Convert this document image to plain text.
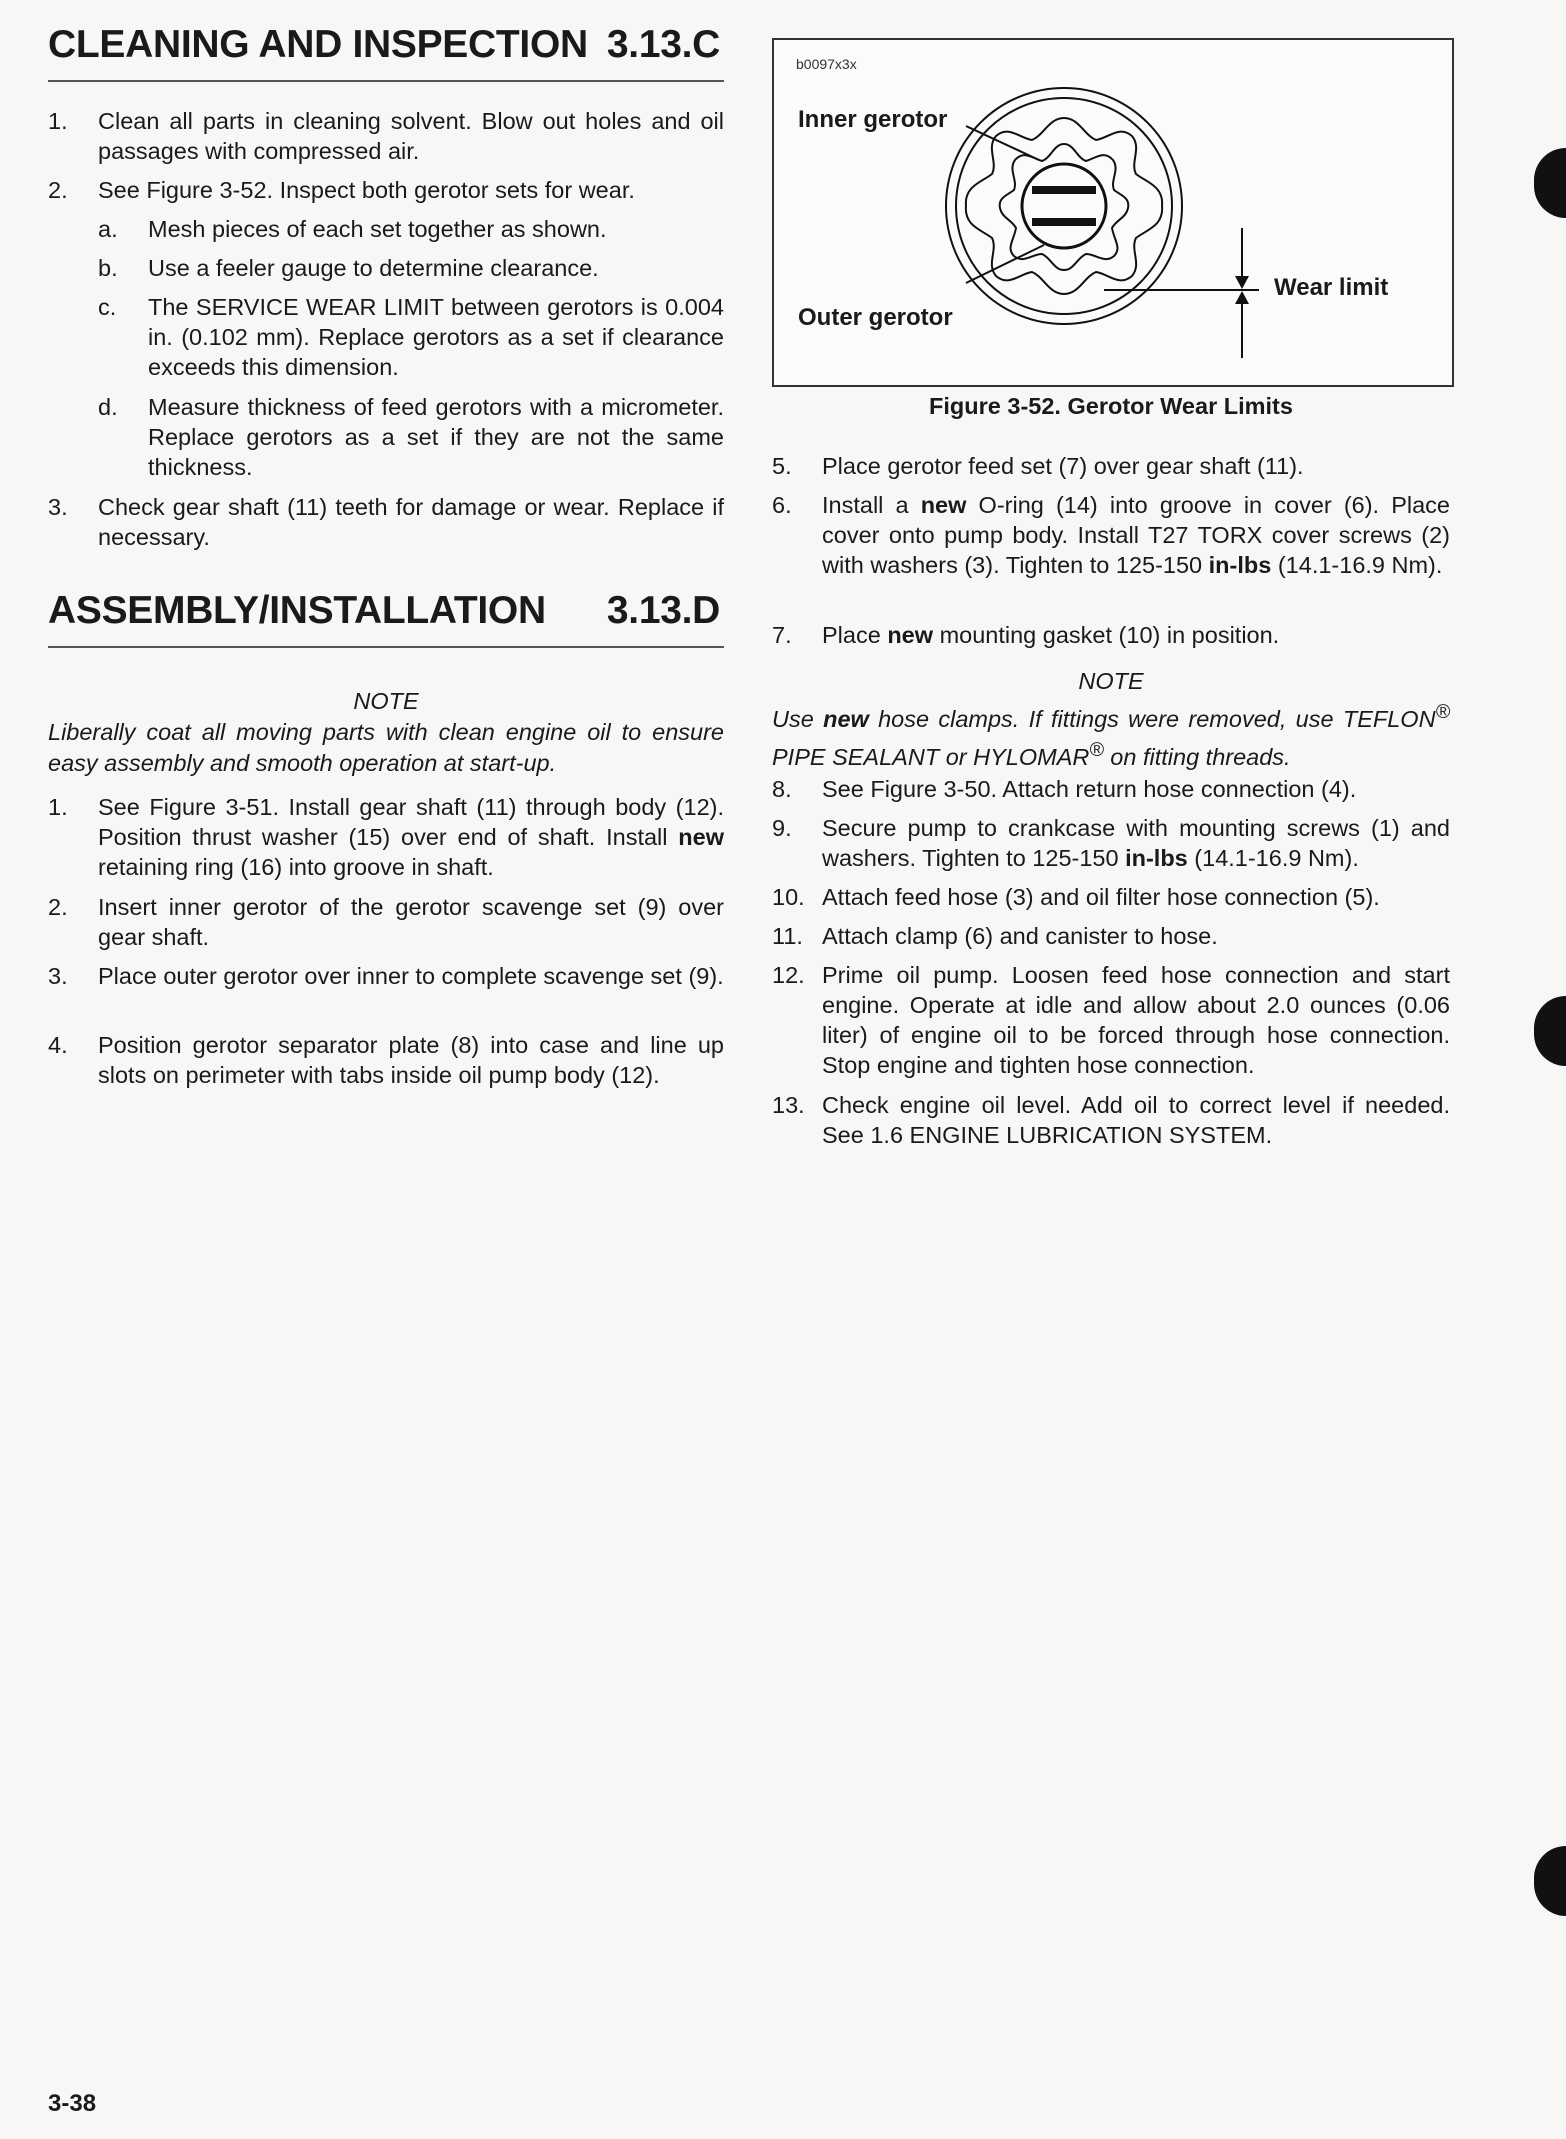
CLEANING AND INSPECTION 3.13.C
1. Clean all parts in cleaning solvent. Blow out holes and oil passages with compressed air.
2. See Figure 3-52. Inspect both gerotor sets for wear.
a. Mesh pieces of each set together as shown.
b. Use a feeler gauge to determine clearance.
c. The SERVICE WEAR LIMIT between gerotors is 0.004 in. (0.102 mm). Replace gerotors as a set if clearance exceeds this dimension.
d. Measure thickness of feed gerotors with a micrometer. Replace gerotors as a set if they are not the same thickness.
3. Check gear shaft (11) teeth for damage or wear. Replace if necessary.
ASSEMBLY/INSTALLATION 3.13.D
NOTE
Liberally coat all moving parts with clean engine oil to ensure easy assembly and smooth operation at start-up.
1. See Figure 3-51. Install gear shaft (11) through body (12). Position thrust washer (15) over end of shaft. Install new retaining ring (16) into groove in shaft.
2. Insert inner gerotor of the gerotor scavenge set (9) over gear shaft.
3. Place outer gerotor over inner to complete scavenge set (9).
4. Position gerotor separator plate (8) into case and line up slots on perimeter with tabs inside oil pump body (12).
b0097x3x
Inner gerotor
Outer gerotor
Wear limit
Figure 3-52. Gerotor Wear Limits
5. Place gerotor feed set (7) over gear shaft (11).
6. Install a new O-ring (14) into groove in cover (6). Place cover onto pump body. Install T27 TORX cover screws (2) with washers (3). Tighten to 125-150 in-lbs (14.1-16.9 Nm).
7. Place new mounting gasket (10) in position.
NOTE
Use new hose clamps. If fittings were removed, use TEFLON® PIPE SEALANT or HYLOMAR® on fitting threads.
8. See Figure 3-50. Attach return hose connection (4).
9. Secure pump to crankcase with mounting screws (1) and washers. Tighten to 125-150 in-lbs (14.1-16.9 Nm).
10. Attach feed hose (3) and oil filter hose connection (5).
11. Attach clamp (6) and canister to hose.
12. Prime oil pump. Loosen feed hose connection and start engine. Operate at idle and allow about 2.0 ounces (0.06 liter) of engine oil to be forced through hose connection. Stop engine and tighten hose connection.
13. Check engine oil level. Add oil to correct level if needed. See 1.6 ENGINE LUBRICATION SYSTEM.
3-38
